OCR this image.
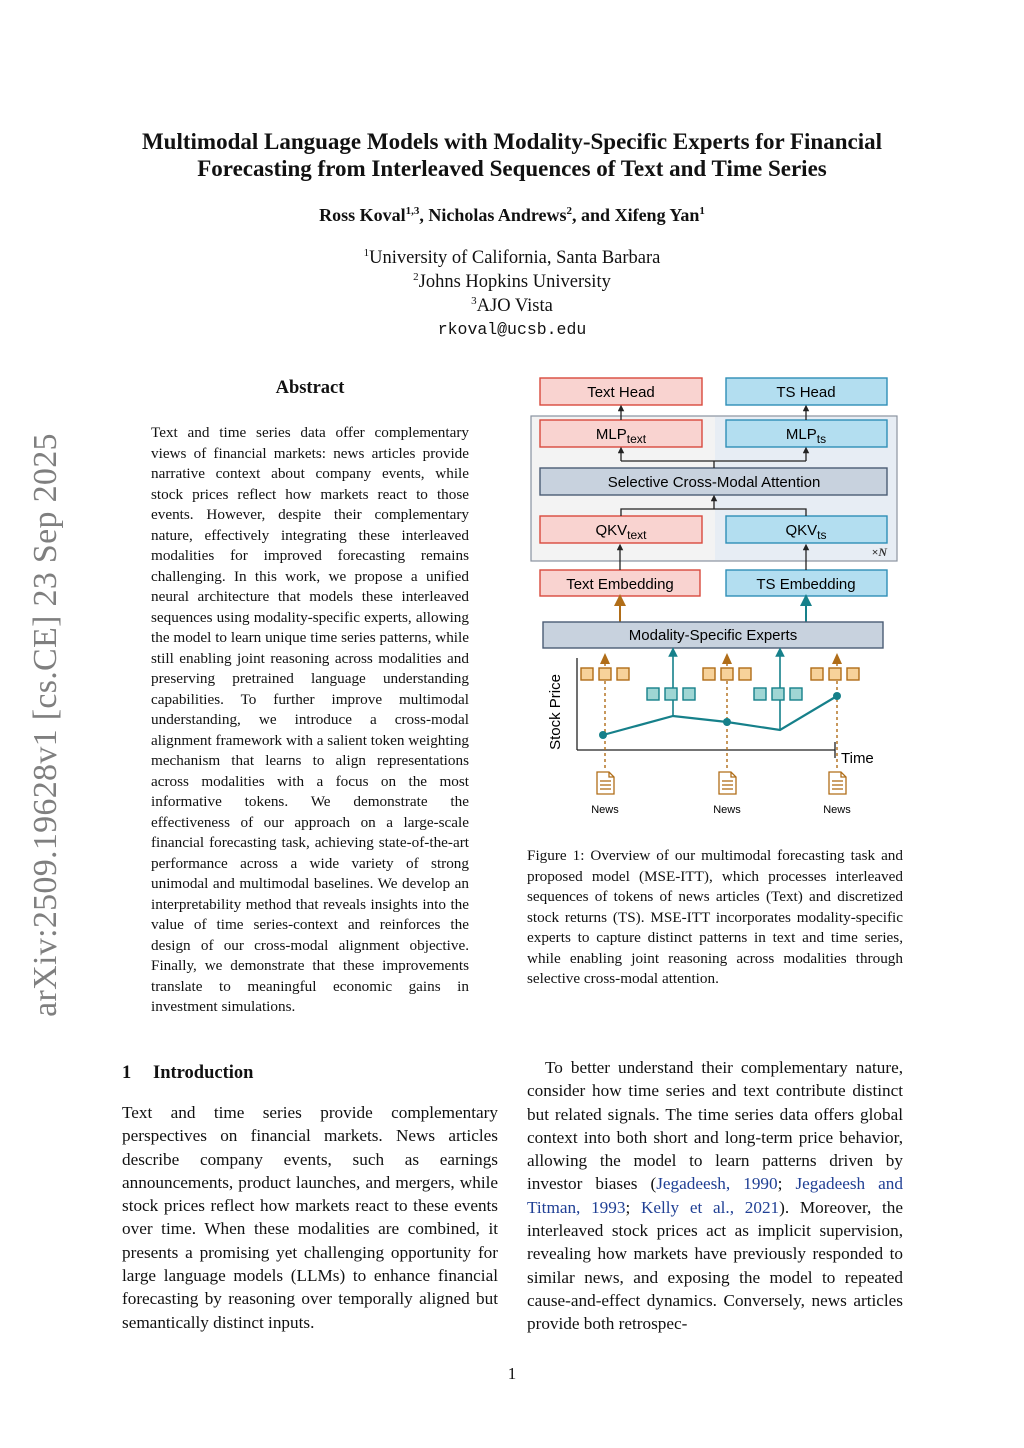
arXiv:2509.19628v1 [cs.CE] 23 Sep 2025
Multimodal Language Models with Modality-Specific Experts for Financial
Forecasting from Interleaved Sequences of Text and Time Series
Ross Koval$^{1,3}$, Nicholas Andrews$^2$, and Xifeng Yan$^1$
$^1$University of California, Santa Barbara
$^2$Johns Hopkins University
$^3$AJO Vista
rkoval@ucsb.edu
Abstract
Text and time series data offer complementary views of financial markets: news articles provide narrative context about company events, while stock prices reflect how markets react to those events. However, despite their complementary nature, effectively integrating these interleaved modalities for improved forecasting remains challenging. In this work, we propose a unified neural architecture that models these interleaved sequences using modality-specific experts, allowing the model to learn unique time series patterns, while still enabling joint reasoning across modalities and preserving pretrained language understanding capabilities. To further improve multimodal understanding, we introduce a cross-modal alignment framework with a salient token weighting mechanism that learns to align representations across modalities with a focus on the most informative tokens. We demonstrate the effectiveness of our approach on a large-scale financial forecasting task, achieving state-of-the-art performance across a wide variety of strong unimodal and multimodal baselines. We develop an interpretability method that reveals insights into the value of time series-context and reinforces the design of our cross-modal alignment objective. Finally, we demonstrate that these improvements translate to meaningful economic gains in investment simulations.
1 Introduction
Text and time series provide complementary perspectives on financial markets. News articles describe company events, such as earnings announcements, product launches, and mergers, while stock prices reflect how markets react to these events over time. When these modalities are combined, it presents a promising yet challenging opportunity for large language models (LLMs) to enhance financial forecasting by reasoning over temporally aligned but semantically distinct inputs.
Text Head	TS Head
$MLP_{text}$	$MLP_{ts}$
Selective Cross-Modal Attention
$QKV_{text}$	$QKV_{ts}$
×N
Text Embedding	TS Embedding
Modality-Specific Experts
Stock Price
Time
News	News	News
Figure 1: Overview of our multimodal forecasting task and proposed model (MSE-ITT), which processes interleaved sequences of tokens of news articles (Text) and discretized stock returns (TS). MSE-ITT incorporates modality-specific experts to capture distinct patterns in text and time series, while enabling joint reasoning across modalities through selective cross-modal attention.
To better understand their complementary nature, consider how time series and text contribute distinct but related signals. The time series data offers global context into both short and long-term price behavior, allowing the model to learn patterns driven by investor biases (Jegadeesh, 1990; Jegadeesh and Titman, 1993; Kelly et al., 2021). Moreover, the interleaved stock prices act as implicit supervision, revealing how markets have previously responded to similar news, and exposing the model to repeated cause-and-effect dynamics. Conversely, news articles provide both retrospec-
1
